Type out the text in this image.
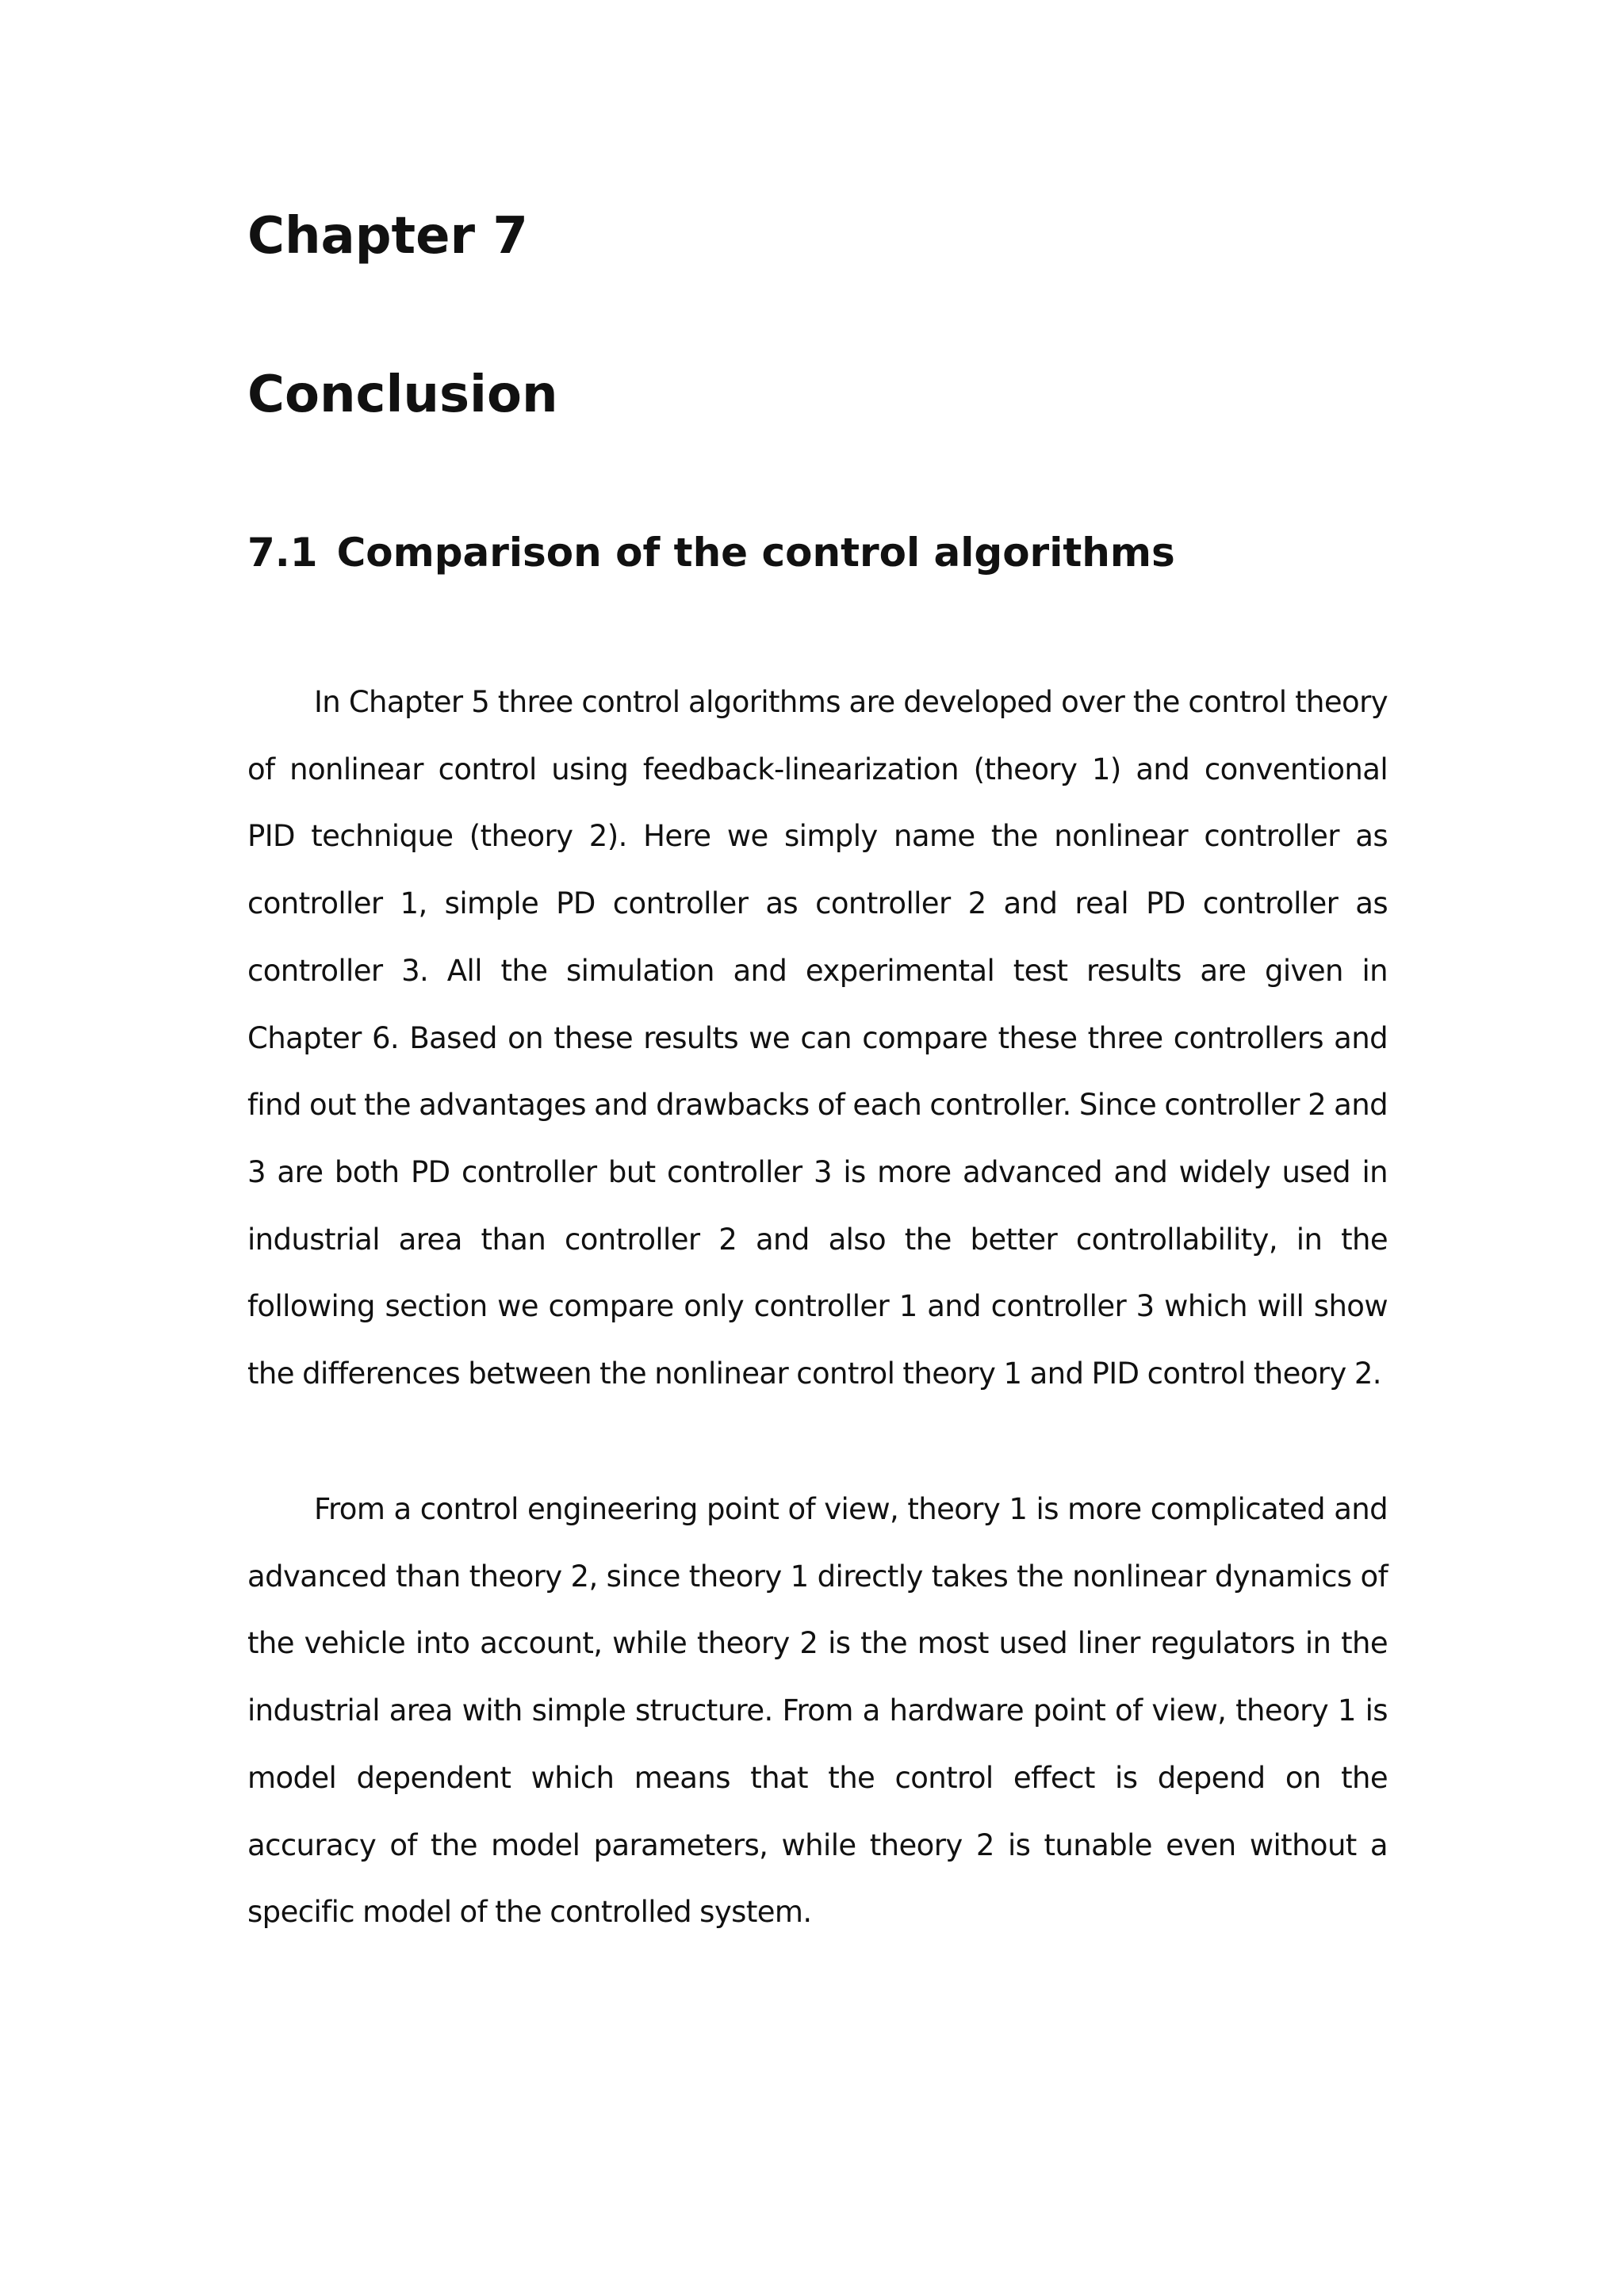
Chapter 7
Conclusion
7.1 Comparison of the control algorithms

In Chapter 5 three control algorithms are developed over the control theory of nonlinear control using feedback-linearization (theory 1) and conventional PID technique (theory 2). Here we simply name the nonlinear controller as controller 1, simple PD controller as controller 2 and real PD controller as controller 3. All the simulation and experimental test results are given in Chapter 6. Based on these results we can compare these three controllers and find out the advantages and drawbacks of each controller. Since controller 2 and 3 are both PD controller but controller 3 is more advanced and widely used in industrial area than controller 2 and also the better controllability, in the following section we compare only controller 1 and controller 3 which will show the differences between the nonlinear control theory 1 and PID control theory 2.

From a control engineering point of view, theory 1 is more complicated and advanced than theory 2, since theory 1 directly takes the nonlinear dynamics of the vehicle into account, while theory 2 is the most used liner regulators in the industrial area with simple structure. From a hardware point of view, theory 1 is model dependent which means that the control effect is depend on the accuracy of the model parameters, while theory 2 is tunable even without a specific model of the controlled system.
